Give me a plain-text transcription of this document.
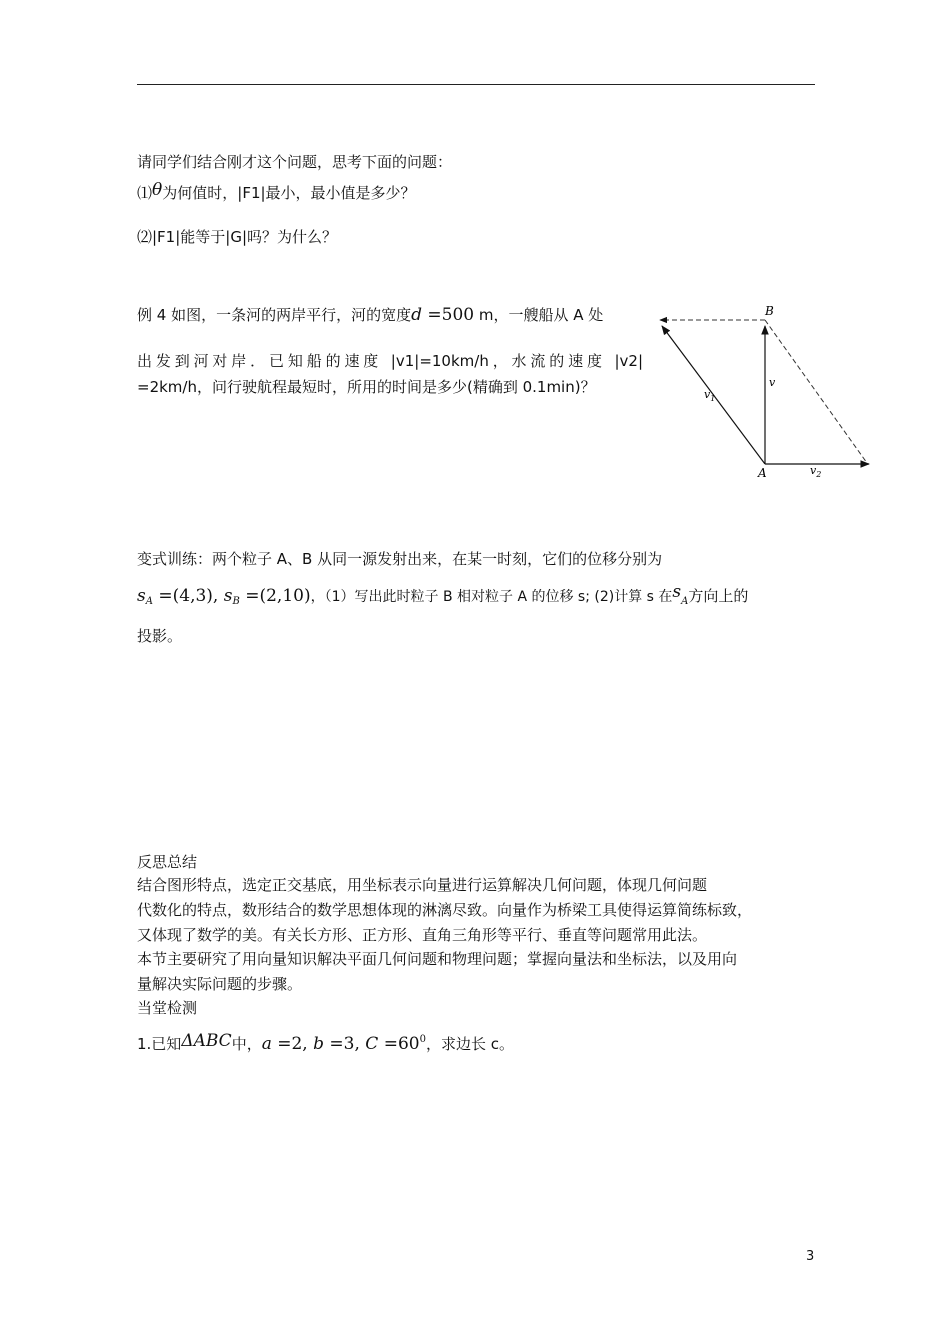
请同学们结合刚才这个问题，思考下面的问题：
⑴θ为何值时，|F1|最小，最小值是多少？
⑵|F1|能等于|G|吗？为什么？
例 4 如图，一条河的两岸平行，河的宽度d =500 m，一艘船从 A 处
出发到河对岸．已知船的速度 |v1|=10km/h，水流的速度 |v2|
=2km/h，问行驶航程最短时，所用的时间是多少(精确到 0.1min)？
B
A
v
$v_1$
$v_2$
变式训练：两个粒子 A、B 从同一源发射出来，在某一时刻，它们的位移分别为
$s_A =(4,3)$, $s_B =(2,10)$，（1）写出此时粒子 B 相对粒子 A 的位移 s; (2)计算 s 在$s_A$方向上的
投影。
反思总结
结合图形特点，选定正交基底，用坐标表示向量进行运算解决几何问题，体现几何问题
代数化的特点，数形结合的数学思想体现的淋漓尽致。向量作为桥梁工具使得运算简练标致，
又体现了数学的美。有关长方形、正方形、直角三角形等平行、垂直等问题常用此法。
本节主要研究了用向量知识解决平面几何问题和物理问题；掌握向量法和坐标法，以及用向
量解决实际问题的步骤。
当堂检测
1.已知ΔABC中，a =2, b =3, $C =60^0$，求边长 c。
3
